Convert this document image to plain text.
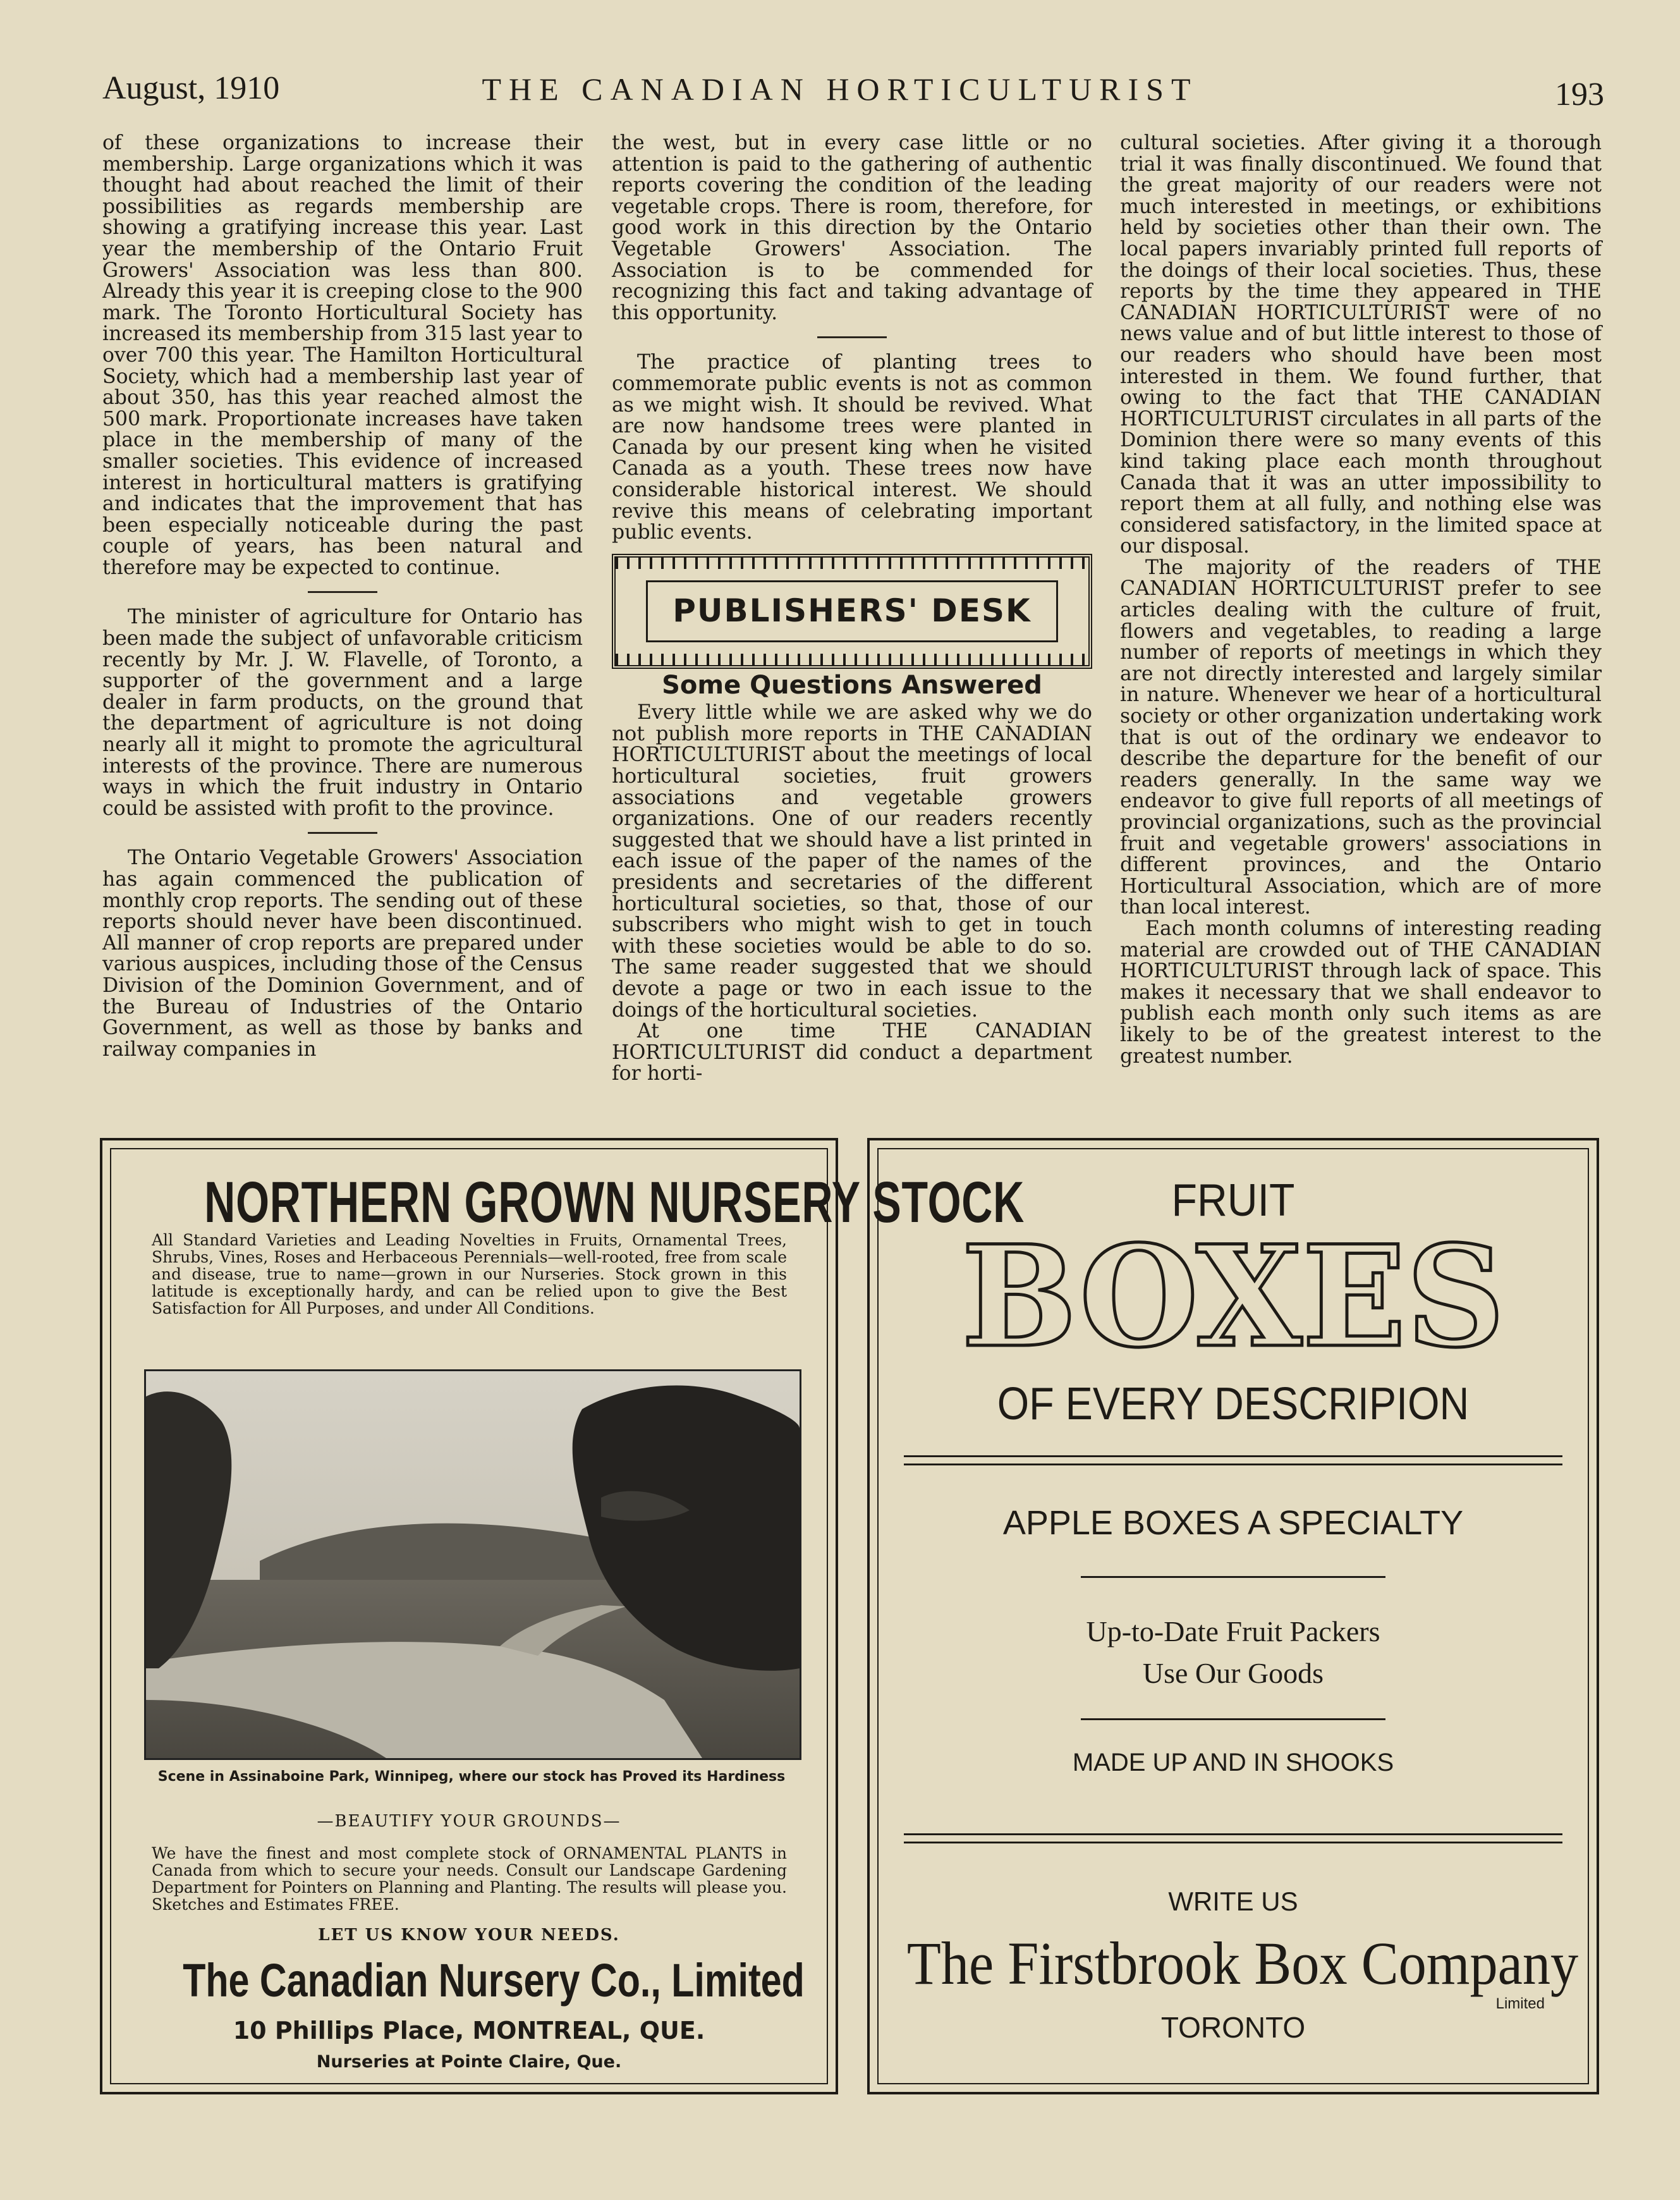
August, 1910	THE CANADIAN HORTICULTURIST	193

of these organizations to increase their membership. Large organizations which it was thought had about reached the limit of their possibilities as regards membership are showing a gratifying increase this year. Last year the membership of the Ontario Fruit Growers' Association was less than 800. Already this year it is creeping close to the 900 mark. The Toronto Horticultural Society has increased its membership from 315 last year to over 700 this year. The Hamilton Horticultural Society, which had a membership last year of about 350, has this year reached almost the 500 mark. Proportionate increases have taken place in the membership of many of the smaller societies. This evidence of increased interest in horticultural matters is gratifying and indicates that the improvement that has been especially noticeable during the past couple of years, has been natural and therefore may be expected to continue.

The minister of agriculture for Ontario has been made the subject of unfavorable criticism recently by Mr. J. W. Flavelle, of Toronto, a supporter of the government and a large dealer in farm products, on the ground that the department of agriculture is not doing nearly all it might to promote the agricultural interests of the province. There are numerous ways in which the fruit industry in Ontario could be assisted with profit to the province.

The Ontario Vegetable Growers' Association has again commenced the publication of monthly crop reports. The sending out of these reports should never have been discontinued. All manner of crop reports are prepared under various auspices, including those of the Census Division of the Dominion Government, and of the Bureau of Industries of the Ontario Government, as well as those by banks and railway companies in

the west, but in every case little or no attention is paid to the gathering of authentic reports covering the condition of the leading vegetable crops. There is room, therefore, for good work in this direction by the Ontario Vegetable Growers' Association. The Association is to be commended for recognizing this fact and taking advantage of this opportunity.

The practice of planting trees to commemorate public events is not as common as we might wish. It should be revived. What are now handsome trees were planted in Canada by our present king when he visited Canada as a youth. These trees now have considerable historical interest. We should revive this means of celebrating important public events.

PUBLISHERS' DESK
Some Questions Answered

Every little while we are asked why we do not publish more reports in THE CANADIAN HORTICULTURIST about the meetings of local horticultural societies, fruit growers associations and vegetable growers organizations. One of our readers recently suggested that we should have a list printed in each issue of the paper of the names of the presidents and secretaries of the different horticultural societies, so that, those of our subscribers who might wish to get in touch with these societies would be able to do so. The same reader suggested that we should devote a page or two in each issue to the doings of the horticultural societies.

At one time THE CANADIAN HORTICULTURIST did conduct a department for horti-

cultural societies. After giving it a thorough trial it was finally discontinued. We found that the great majority of our readers were not much interested in meetings, or exhibitions held by societies other than their own. The local papers invariably printed full reports of the doings of their local societies. Thus, these reports by the time they appeared in THE CANADIAN HORTICULTURIST were of no news value and of but little interest to those of our readers who should have been most interested in them. We found further, that owing to the fact that THE CANADIAN HORTICULTURIST circulates in all parts of the Dominion there were so many events of this kind taking place each month throughout Canada that it was an utter impossibility to report them at all fully, and nothing else was considered satisfactory, in the limited space at our disposal.

The majority of the readers of THE CANADIAN HORTICULTURIST prefer to see articles dealing with the culture of fruit, flowers and vegetables, to reading a large number of reports of meetings in which they are not directly interested and largely similar in nature. Whenever we hear of a horticultural society or other organization undertaking work that is out of the ordinary we endeavor to describe the departure for the benefit of our readers generally. In the same way we endeavor to give full reports of all meetings of provincial organizations, such as the provincial fruit and vegetable growers' associations in different provinces, and the Ontario Horticultural Association, which are of more than local interest.

Each month columns of interesting reading material are crowded out of THE CANADIAN HORTICULTURIST through lack of space. This makes it necessary that we shall endeavor to publish each month only such items as are likely to be of the greatest interest to the greatest number.

NORTHERN GROWN NURSERY STOCK
All Standard Varieties and Leading Novelties in Fruits, Ornamental Trees, Shrubs, Vines, Roses and Herbaceous Perennials—well-rooted, free from scale and disease, true to name—grown in our Nurseries. Stock grown in this latitude is exceptionally hardy, and can be relied upon to give the Best Satisfaction for All Purposes, and under All Conditions.
Scene in Assinaboine Park, Winnipeg, where our stock has Proved its Hardiness
—BEAUTIFY YOUR GROUNDS—
We have the finest and most complete stock of ORNAMENTAL PLANTS in Canada from which to secure your needs. Consult our Landscape Gardening Department for Pointers on Planning and Planting. The results will please you. Sketches and Estimates FREE.
LET US KNOW YOUR NEEDS.
The Canadian Nursery Co., Limited
10 Phillips Place, MONTREAL, QUE.
Nurseries at Pointe Claire, Que.
FRUIT
BOXES
OF EVERY DESCRIPION
APPLE BOXES A SPECIALTY
Up-to-Date Fruit Packers
Use Our Goods
MADE UP AND IN SHOOKS
WRITE US
The Firstbrook Box Company
Limited
TORONTO
